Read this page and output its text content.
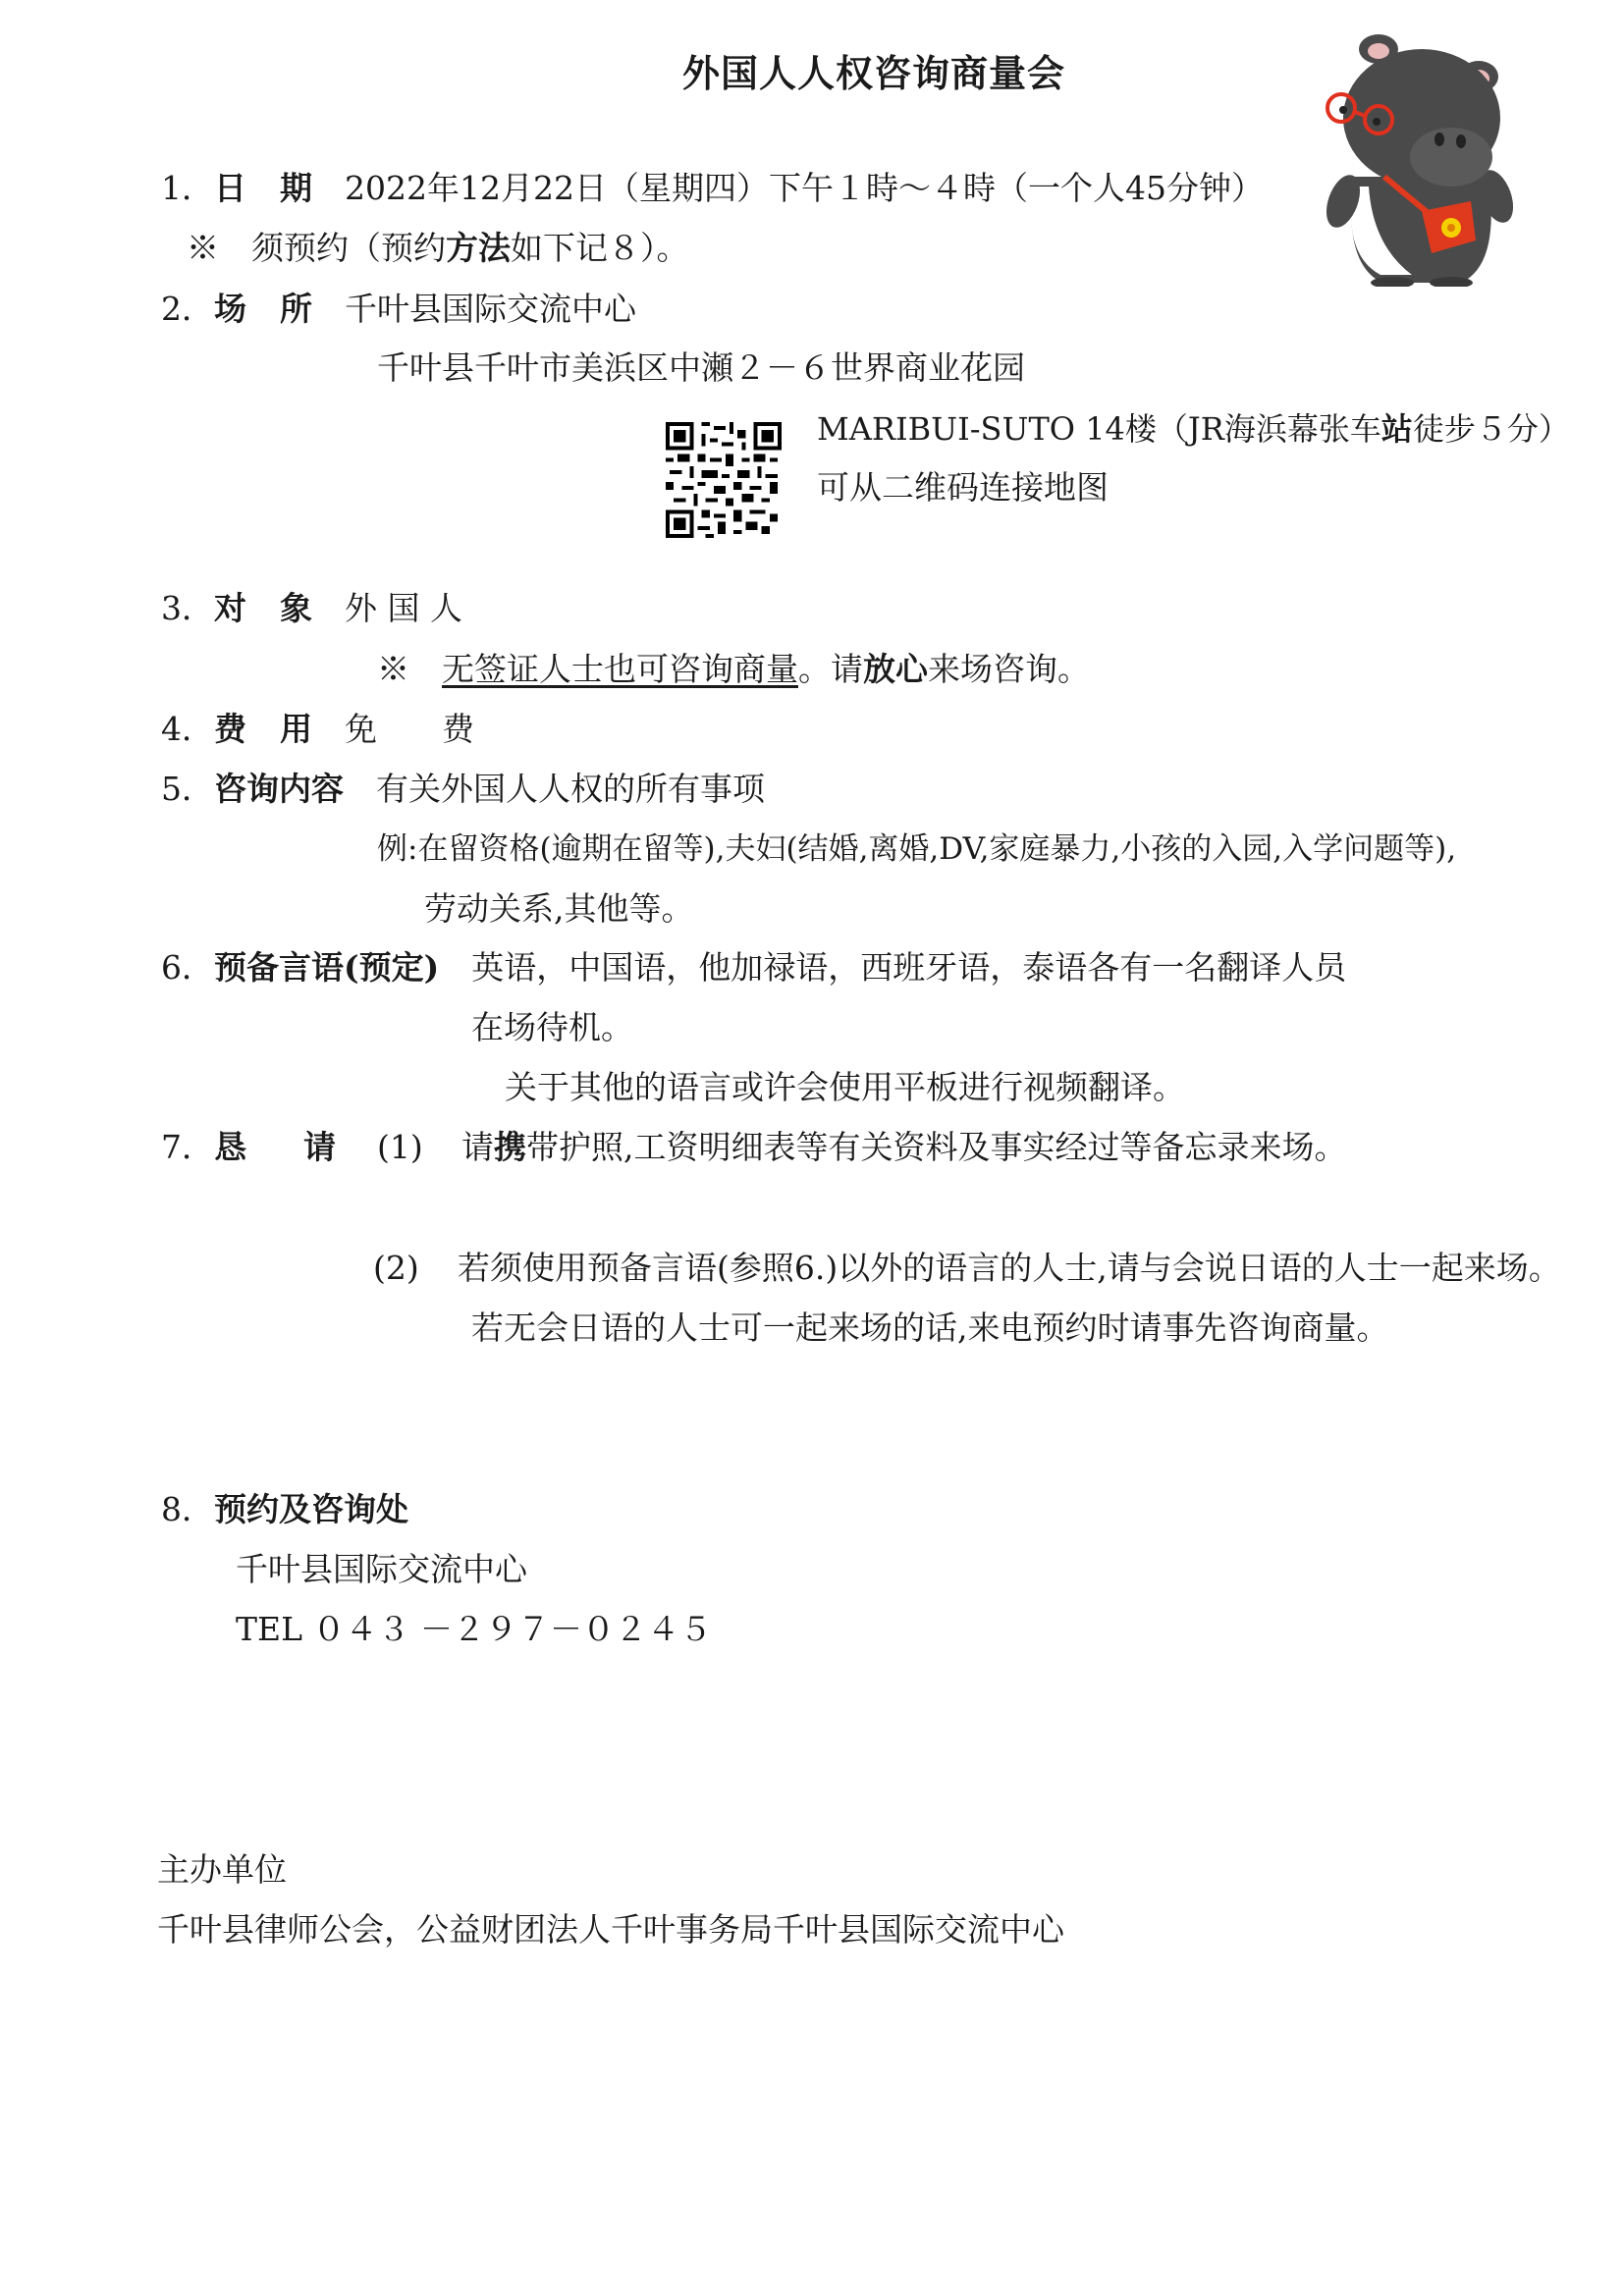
外国人人权咨询商量会
1．日 期　 2022年12月22日（星期四）下午１時～４時（一个人45分钟）
※　 须预约（预约方法如下记８）。
2．场 所　 千叶县国际交流中心
千叶县千叶市美浜区中瀬２－６世界商业花园
MARIBUI-SUTO 14楼（JR海浜幕张车站徒步５分）
可从二维码连接地图
3．对 象　 外 国 人
※　 无签证人士也可咨询商量。请放心来场咨询。
4．费 用　 免　　费
5．咨询内容　 有关外国人人权的所有事项
例:在留资格(逾期在留等),夫妇(结婚,离婚,DV,家庭暴力,小孩的入园,入学问题等),
劳动关系,其他等。
6．预备言语(预定)　 英语，中国语，他加禄语，西班牙语，泰语各有一名翻译人员
在场待机。
关于其他的语言或许会使用平板进行视频翻译。
7．恳 请 (1) 请携带护照,工资明细表等有关资料及事实经过等备忘录来场。
(2) 若须使用预备言语(参照6.)以外的语言的人士,请与会说日语的人士一起来场。
若无会日语的人士可一起来场的话,来电预约时请事先咨询商量。
8．预约及咨询处
千叶县国际交流中心
TEL ０４３ －２９７－０２４５
主办单位
千叶县律师公会，公益财团法人千叶事务局千叶县国际交流中心
